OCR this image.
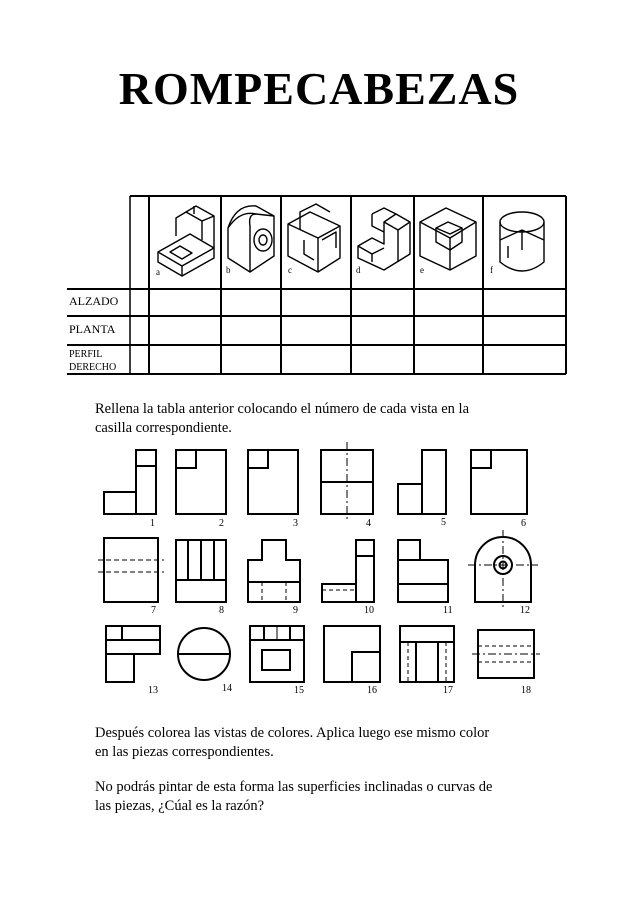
ROMPECABEZAS
a	b	c	d	e	f
ALZADO
PLANTA
PERFIL
DERECHO
Rellena la tabla anterior colocando el número de cada vista en la
casilla correspondiente.
1	2	3	4	5	6
7	8	9	10	11	12
13	14	15	16	17	18
Después colorea las vistas de colores. Aplica luego ese mismo color
en las piezas correspondientes.
No podrás pintar de esta forma las superficies inclinadas o curvas de
las piezas, ¿Cúal es la razón?
